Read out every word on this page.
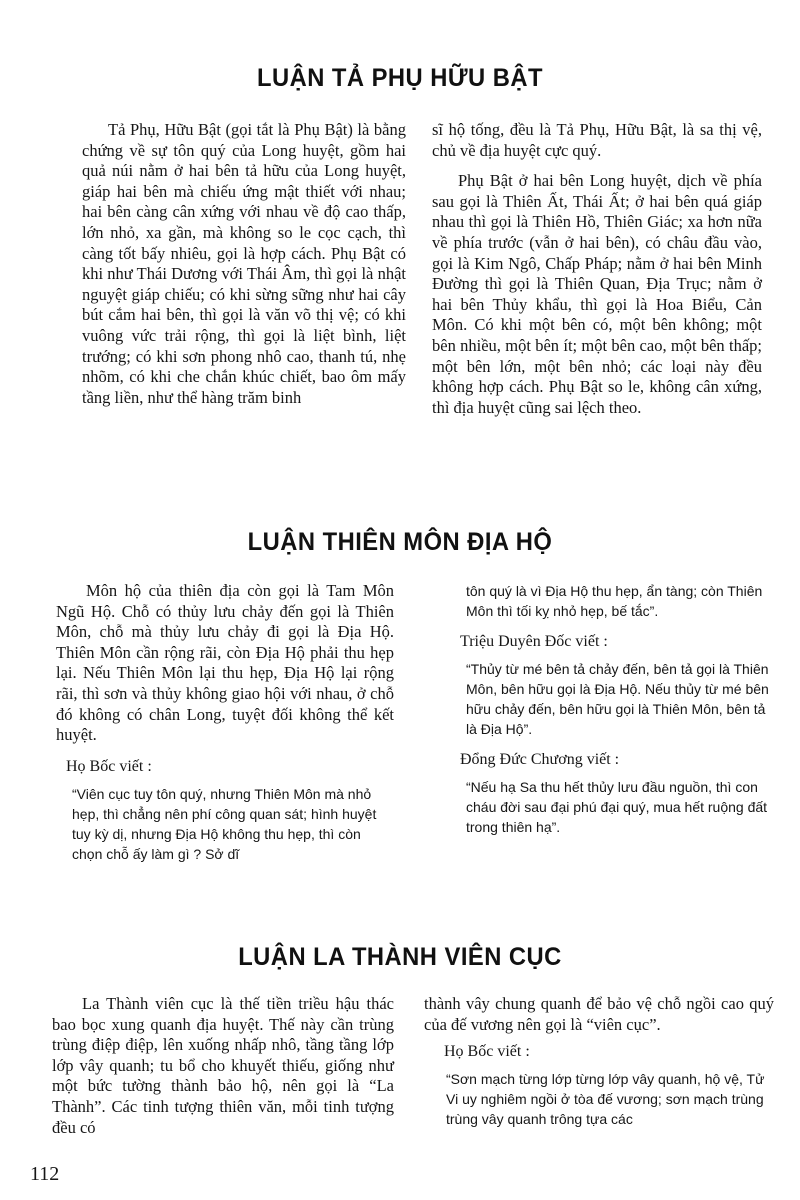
LUẬN TẢ PHỤ HỮU BẬT

Tả Phụ, Hữu Bật (gọi tắt là Phụ Bật) là bằng chứng về sự tôn quý của Long huyệt, gồm hai quả núi nằm ở hai bên tả hữu của Long huyệt, giáp hai bên mà chiếu ứng mật thiết với nhau; hai bên càng cân xứng với nhau về độ cao thấp, lớn nhỏ, xa gần, mà không so le cọc cạch, thì càng tốt bấy nhiêu, gọi là hợp cách. Phụ Bật có khi như Thái Dương với Thái Âm, thì gọi là nhật nguyệt giáp chiếu; có khi sừng sững như hai cây bút cắm hai bên, thì gọi là văn võ thị vệ; có khi vuông vức trải rộng, thì gọi là liệt bình, liệt trướng; có khi sơn phong nhô cao, thanh tú, nhẹ nhõm, có khi che chắn khúc chiết, bao ôm mấy tầng liền, như thể hàng trăm binh

sĩ hộ tống, đều là Tả Phụ, Hữu Bật, là sa thị vệ, chủ về địa huyệt cực quý.

Phụ Bật ở hai bên Long huyệt, dịch về phía sau gọi là Thiên Ất, Thái Ất; ở hai bên quá giáp nhau thì gọi là Thiên Hồ, Thiên Giác; xa hơn nữa về phía trước (vẫn ở hai bên), có châu đầu vào, gọi là Kim Ngô, Chấp Pháp; nằm ở hai bên Minh Đường thì gọi là Thiên Quan, Địa Trục; nằm ở hai bên Thủy khẩu, thì gọi là Hoa Biểu, Cản Môn. Có khi một bên có, một bên không; một bên nhiều, một bên ít; một bên cao, một bên thấp; một bên lớn, một bên nhỏ; các loại này đều không hợp cách. Phụ Bật so le, không cân xứng, thì địa huyệt cũng sai lệch theo.

LUẬN THIÊN MÔN ĐỊA HỘ

Môn hộ của thiên địa còn gọi là Tam Môn Ngũ Hộ. Chỗ có thủy lưu chảy đến gọi là Thiên Môn, chỗ mà thủy lưu chảy đi gọi là Địa Hộ. Thiên Môn cần rộng rãi, còn Địa Hộ phải thu hẹp lại. Nếu Thiên Môn lại thu hẹp, Địa Hộ lại rộng rãi, thì sơn và thủy không giao hội với nhau, ở chỗ đó không có chân Long, tuyệt đối không thể kết huyệt.

Họ Bốc viết :

“Viên cục tuy tôn quý, nhưng Thiên Môn mà nhỏ hẹp, thì chẳng nên phí công quan sát; hình huyệt tuy kỳ dị, nhưng Địa Hộ không thu hẹp, thì còn chọn chỗ ấy làm gì ? Sở dĩ

tôn quý là vì Địa Hộ thu hẹp, ẩn tàng; còn Thiên Môn thì tối kỵ nhỏ hẹp, bế tắc”.

Triệu Duyên Đốc viết :

“Thủy từ mé bên tả chảy đến, bên tả gọi là Thiên Môn, bên hữu gọi là Địa Hộ. Nếu thủy từ mé bên hữu chảy đến, bên hữu gọi là Thiên Môn, bên tả là Địa Hộ”.

Đổng Đức Chương viết :

“Nếu hạ Sa thu hết thủy lưu đầu nguồn, thì con cháu đời sau đại phú đại quý, mua hết ruộng đất trong thiên hạ”.

LUẬN LA THÀNH VIÊN CỤC

La Thành viên cục là thế tiền triều hậu thác bao bọc xung quanh địa huyệt. Thế này cần trùng trùng điệp điệp, lên xuống nhấp nhô, tầng tầng lớp lớp vây quanh; tu bổ cho khuyết thiếu, giống như một bức tường thành bảo hộ, nên gọi là “La Thành”. Các tinh tượng thiên văn, mỗi tinh tượng đều có

thành vây chung quanh để bảo vệ chỗ ngồi cao quý của đế vương nên gọi là “viên cục”.

Họ Bốc viết :

“Sơn mạch từng lớp từng lớp vây quanh, hộ vệ, Tử Vi uy nghiêm ngồi ở tòa đế vương; sơn mạch trùng trùng vây quanh trông tựa các

112
